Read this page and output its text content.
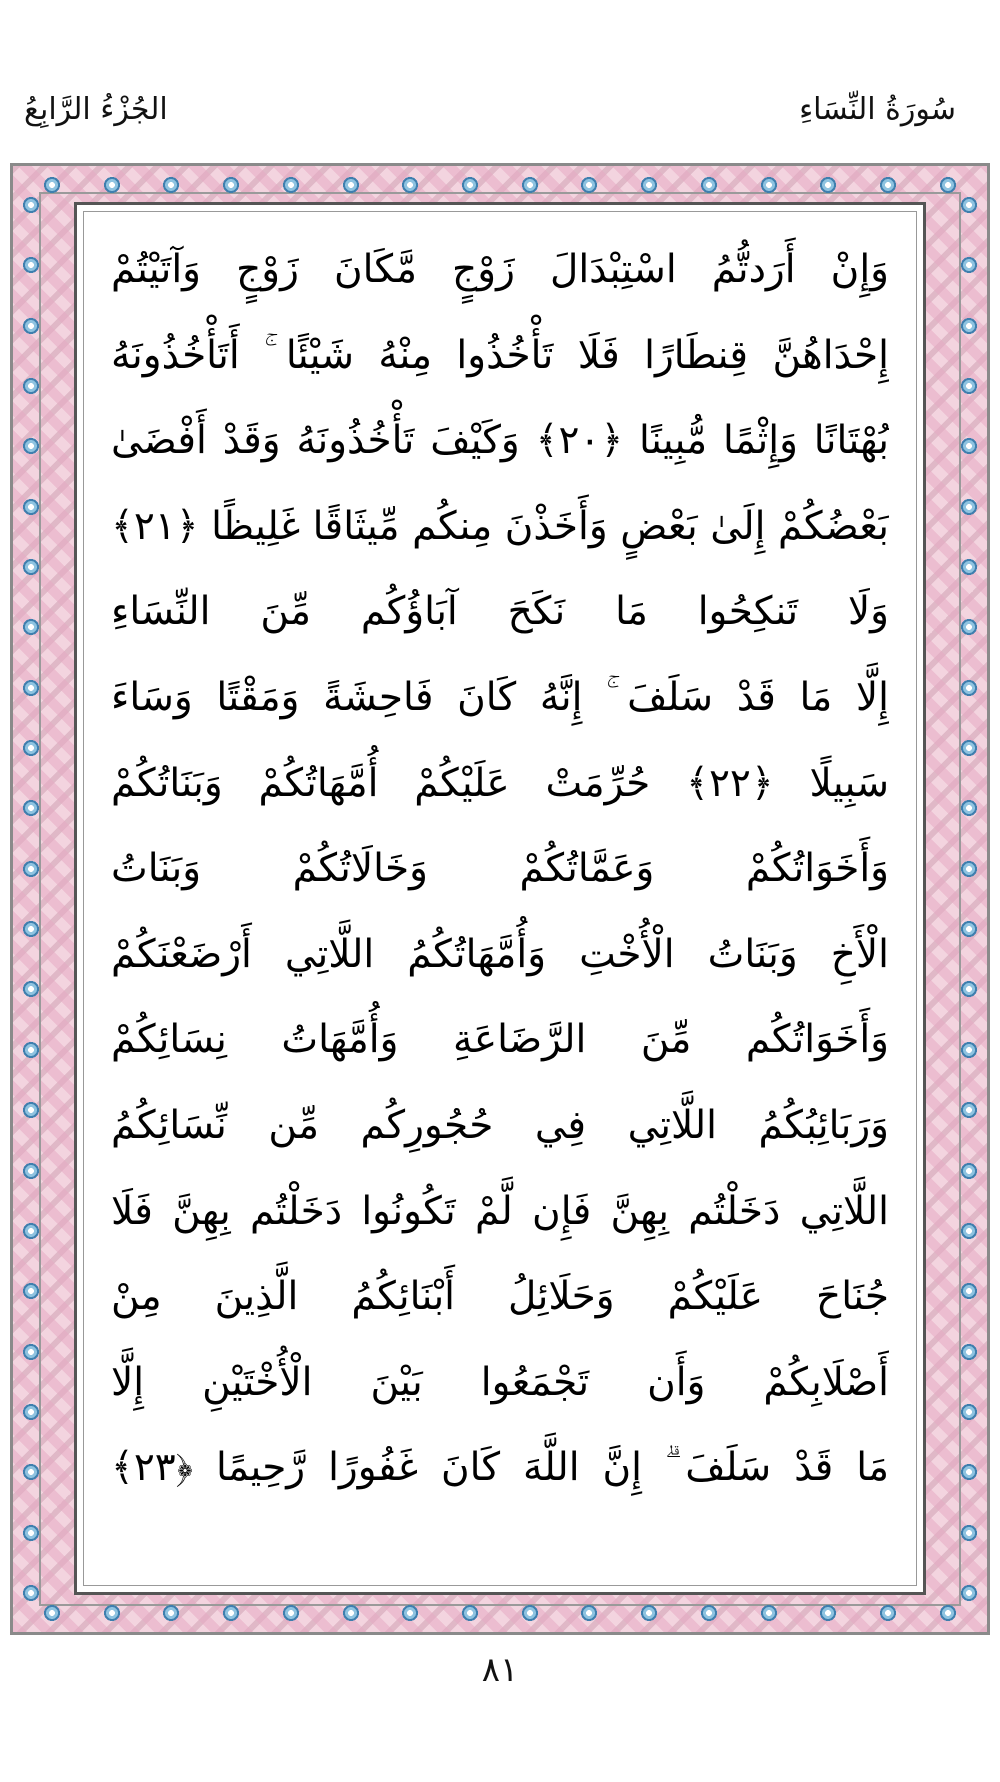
سُورَةُ النِّسَاءِ
الجُزْءُ الرَّابِعُ
وَإِنْ أَرَدتُّمُ اسْتِبْدَالَ زَوْجٍ مَّكَانَ زَوْجٍ وَآتَيْتُمْ
إِحْدَاهُنَّ قِنطَارًا فَلَا تَأْخُذُوا مِنْهُ شَيْئًا ۚ أَتَأْخُذُونَهُ
بُهْتَانًا وَإِثْمًا مُّبِينًا ﴿٢٠﴾ وَكَيْفَ تَأْخُذُونَهُ وَقَدْ أَفْضَىٰ
بَعْضُكُمْ إِلَىٰ بَعْضٍ وَأَخَذْنَ مِنكُم مِّيثَاقًا غَلِيظًا ﴿٢١﴾
وَلَا تَنكِحُوا مَا نَكَحَ آبَاؤُكُم مِّنَ النِّسَاءِ
إِلَّا مَا قَدْ سَلَفَ ۚ إِنَّهُ كَانَ فَاحِشَةً وَمَقْتًا وَسَاءَ
سَبِيلًا ﴿٢٢﴾ حُرِّمَتْ عَلَيْكُمْ أُمَّهَاتُكُمْ وَبَنَاتُكُمْ
وَأَخَوَاتُكُمْ وَعَمَّاتُكُمْ وَخَالَاتُكُمْ وَبَنَاتُ
الْأَخِ وَبَنَاتُ الْأُخْتِ وَأُمَّهَاتُكُمُ اللَّاتِي أَرْضَعْنَكُمْ
وَأَخَوَاتُكُم مِّنَ الرَّضَاعَةِ وَأُمَّهَاتُ نِسَائِكُمْ
وَرَبَائِبُكُمُ اللَّاتِي فِي حُجُورِكُم مِّن نِّسَائِكُمُ
اللَّاتِي دَخَلْتُم بِهِنَّ فَإِن لَّمْ تَكُونُوا دَخَلْتُم بِهِنَّ فَلَا
جُنَاحَ عَلَيْكُمْ وَحَلَائِلُ أَبْنَائِكُمُ الَّذِينَ مِنْ
أَصْلَابِكُمْ وَأَن تَجْمَعُوا بَيْنَ الْأُخْتَيْنِ إِلَّا
مَا قَدْ سَلَفَ ۗ إِنَّ اللَّهَ كَانَ غَفُورًا رَّحِيمًا ﴿٢٣﴾
٨١
